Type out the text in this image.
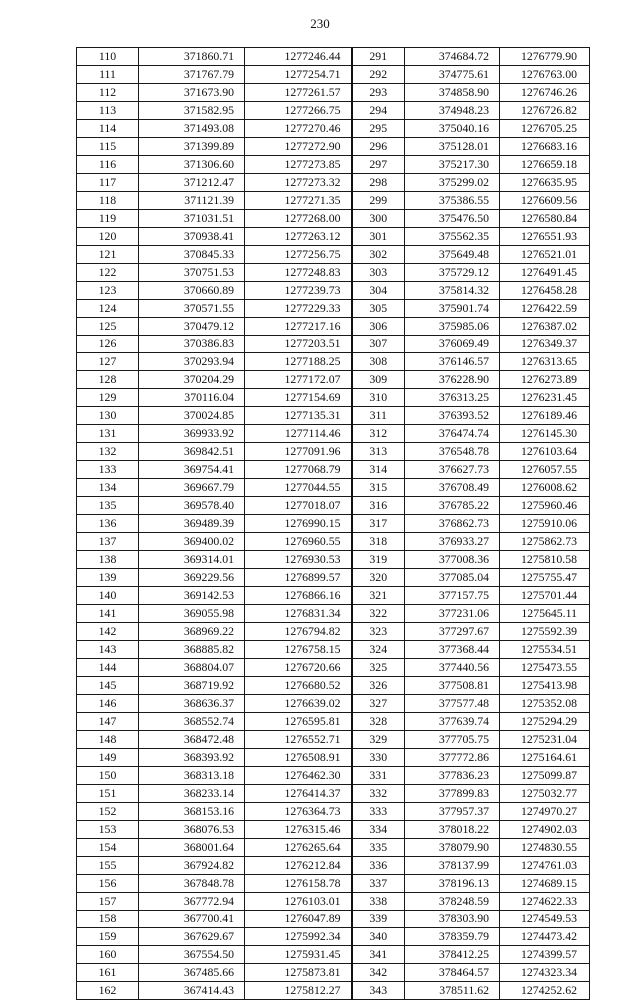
230
110	371860.71	1277246.44	291	374684.72	1276779.90
111	371767.79	1277254.71	292	374775.61	1276763.00
112	371673.90	1277261.57	293	374858.90	1276746.26
113	371582.95	1277266.75	294	374948.23	1276726.82
114	371493.08	1277270.46	295	375040.16	1276705.25
115	371399.89	1277272.90	296	375128.01	1276683.16
116	371306.60	1277273.85	297	375217.30	1276659.18
117	371212.47	1277273.32	298	375299.02	1276635.95
118	371121.39	1277271.35	299	375386.55	1276609.56
119	371031.51	1277268.00	300	375476.50	1276580.84
120	370938.41	1277263.12	301	375562.35	1276551.93
121	370845.33	1277256.75	302	375649.48	1276521.01
122	370751.53	1277248.83	303	375729.12	1276491.45
123	370660.89	1277239.73	304	375814.32	1276458.28
124	370571.55	1277229.33	305	375901.74	1276422.59
125	370479.12	1277217.16	306	375985.06	1276387.02
126	370386.83	1277203.51	307	376069.49	1276349.37
127	370293.94	1277188.25	308	376146.57	1276313.65
128	370204.29	1277172.07	309	376228.90	1276273.89
129	370116.04	1277154.69	310	376313.25	1276231.45
130	370024.85	1277135.31	311	376393.52	1276189.46
131	369933.92	1277114.46	312	376474.74	1276145.30
132	369842.51	1277091.96	313	376548.78	1276103.64
133	369754.41	1277068.79	314	376627.73	1276057.55
134	369667.79	1277044.55	315	376708.49	1276008.62
135	369578.40	1277018.07	316	376785.22	1275960.46
136	369489.39	1276990.15	317	376862.73	1275910.06
137	369400.02	1276960.55	318	376933.27	1275862.73
138	369314.01	1276930.53	319	377008.36	1275810.58
139	369229.56	1276899.57	320	377085.04	1275755.47
140	369142.53	1276866.16	321	377157.75	1275701.44
141	369055.98	1276831.34	322	377231.06	1275645.11
142	368969.22	1276794.82	323	377297.67	1275592.39
143	368885.82	1276758.15	324	377368.44	1275534.51
144	368804.07	1276720.66	325	377440.56	1275473.55
145	368719.92	1276680.52	326	377508.81	1275413.98
146	368636.37	1276639.02	327	377577.48	1275352.08
147	368552.74	1276595.81	328	377639.74	1275294.29
148	368472.48	1276552.71	329	377705.75	1275231.04
149	368393.92	1276508.91	330	377772.86	1275164.61
150	368313.18	1276462.30	331	377836.23	1275099.87
151	368233.14	1276414.37	332	377899.83	1275032.77
152	368153.16	1276364.73	333	377957.37	1274970.27
153	368076.53	1276315.46	334	378018.22	1274902.03
154	368001.64	1276265.64	335	378079.90	1274830.55
155	367924.82	1276212.84	336	378137.99	1274761.03
156	367848.78	1276158.78	337	378196.13	1274689.15
157	367772.94	1276103.01	338	378248.59	1274622.33
158	367700.41	1276047.89	339	378303.90	1274549.53
159	367629.67	1275992.34	340	378359.79	1274473.42
160	367554.50	1275931.45	341	378412.25	1274399.57
161	367485.66	1275873.81	342	378464.57	1274323.34
162	367414.43	1275812.27	343	378511.62	1274252.62
